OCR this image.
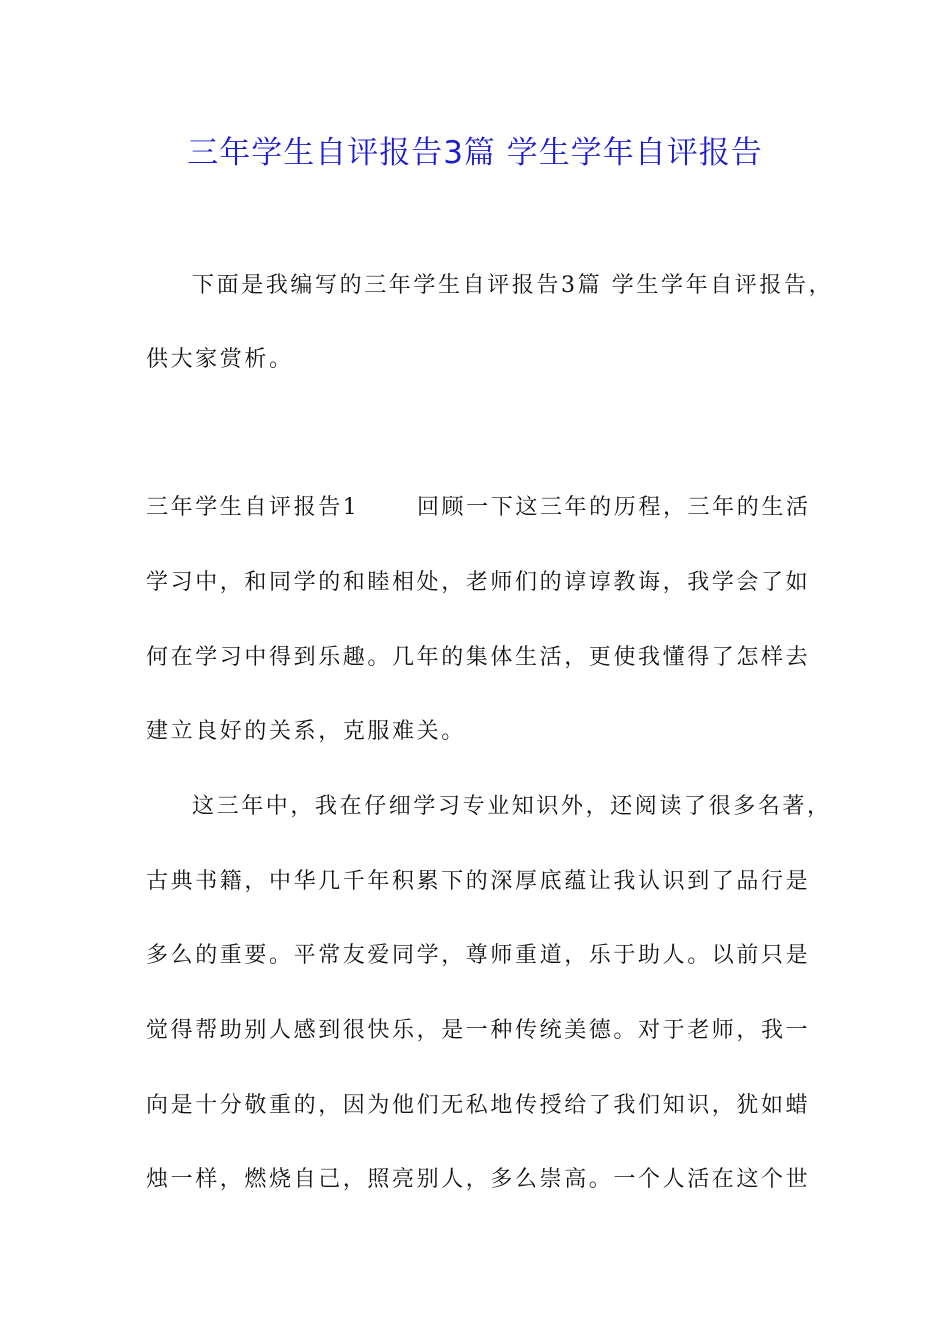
三年学生自评报告3篇 学生学年自评报告
下面是我编写的三年学生自评报告3篇 学生学年自评报告，
供大家赏析。
三年学生自评报告1      回顾一下这三年的历程，三年的生活
学习中，和同学的和睦相处，老师们的谆谆教诲，我学会了如
何在学习中得到乐趣。几年的集体生活，更使我懂得了怎样去
建立良好的关系，克服难关。
这三年中，我在仔细学习专业知识外，还阅读了很多名著，
古典书籍，中华几千年积累下的深厚底蕴让我认识到了品行是
多么的重要。平常友爱同学，尊师重道，乐于助人。以前只是
觉得帮助别人感到很快乐，是一种传统美德。对于老师，我一
向是十分敬重的，因为他们无私地传授给了我们知识，犹如蜡
烛一样，燃烧自己，照亮别人，多么崇高。一个人活在这个世
